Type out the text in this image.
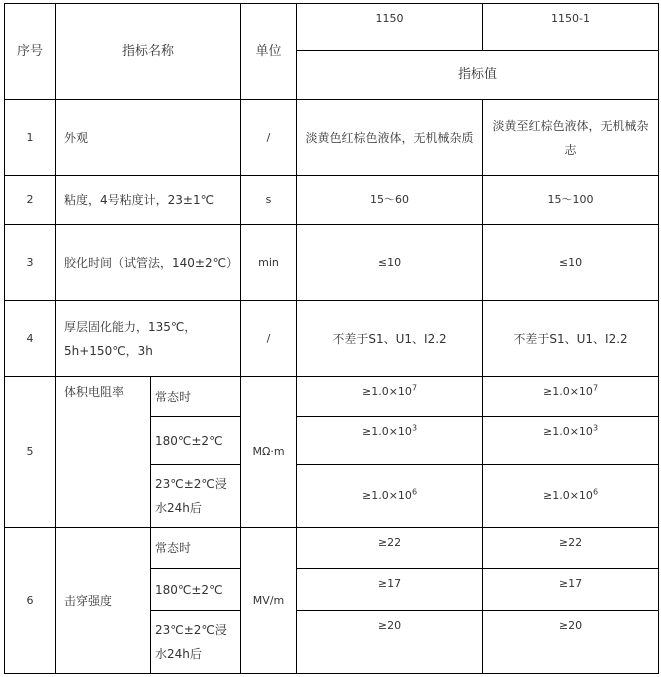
序号	指标名称		单位	1150	1150-1
				指标值	
1	外观		/	淡黄色红棕色液体，无机械杂质	淡黄至红棕色液体，无机械杂志
2	粘度，4号粘度计，23±1℃		s	15～60	15～100
3	胶化时间（试管法，140±2℃）		min	≤10	≤10
4	厚层固化能力，135℃，5h+150℃，3h		/	不差于S1、U1、I2.2	不差于S1、U1、I2.2
5	体积电阻率	常态时	MΩ·m	$\ge 1.0\times 10^7$	$\ge 1.0\times 10^7$
		180℃±2℃		$\ge 1.0\times 10^3$	$\ge 1.0\times 10^3$
		23℃±2℃浸水24h后		$\ge 1.0\times 10^6$	$\ge 1.0\times 10^6$
6	击穿强度	常态时	MV/m	≥22	≥22
		180℃±2℃		≥17	≥17
		23℃±2℃浸水24h后		≥20	≥20
